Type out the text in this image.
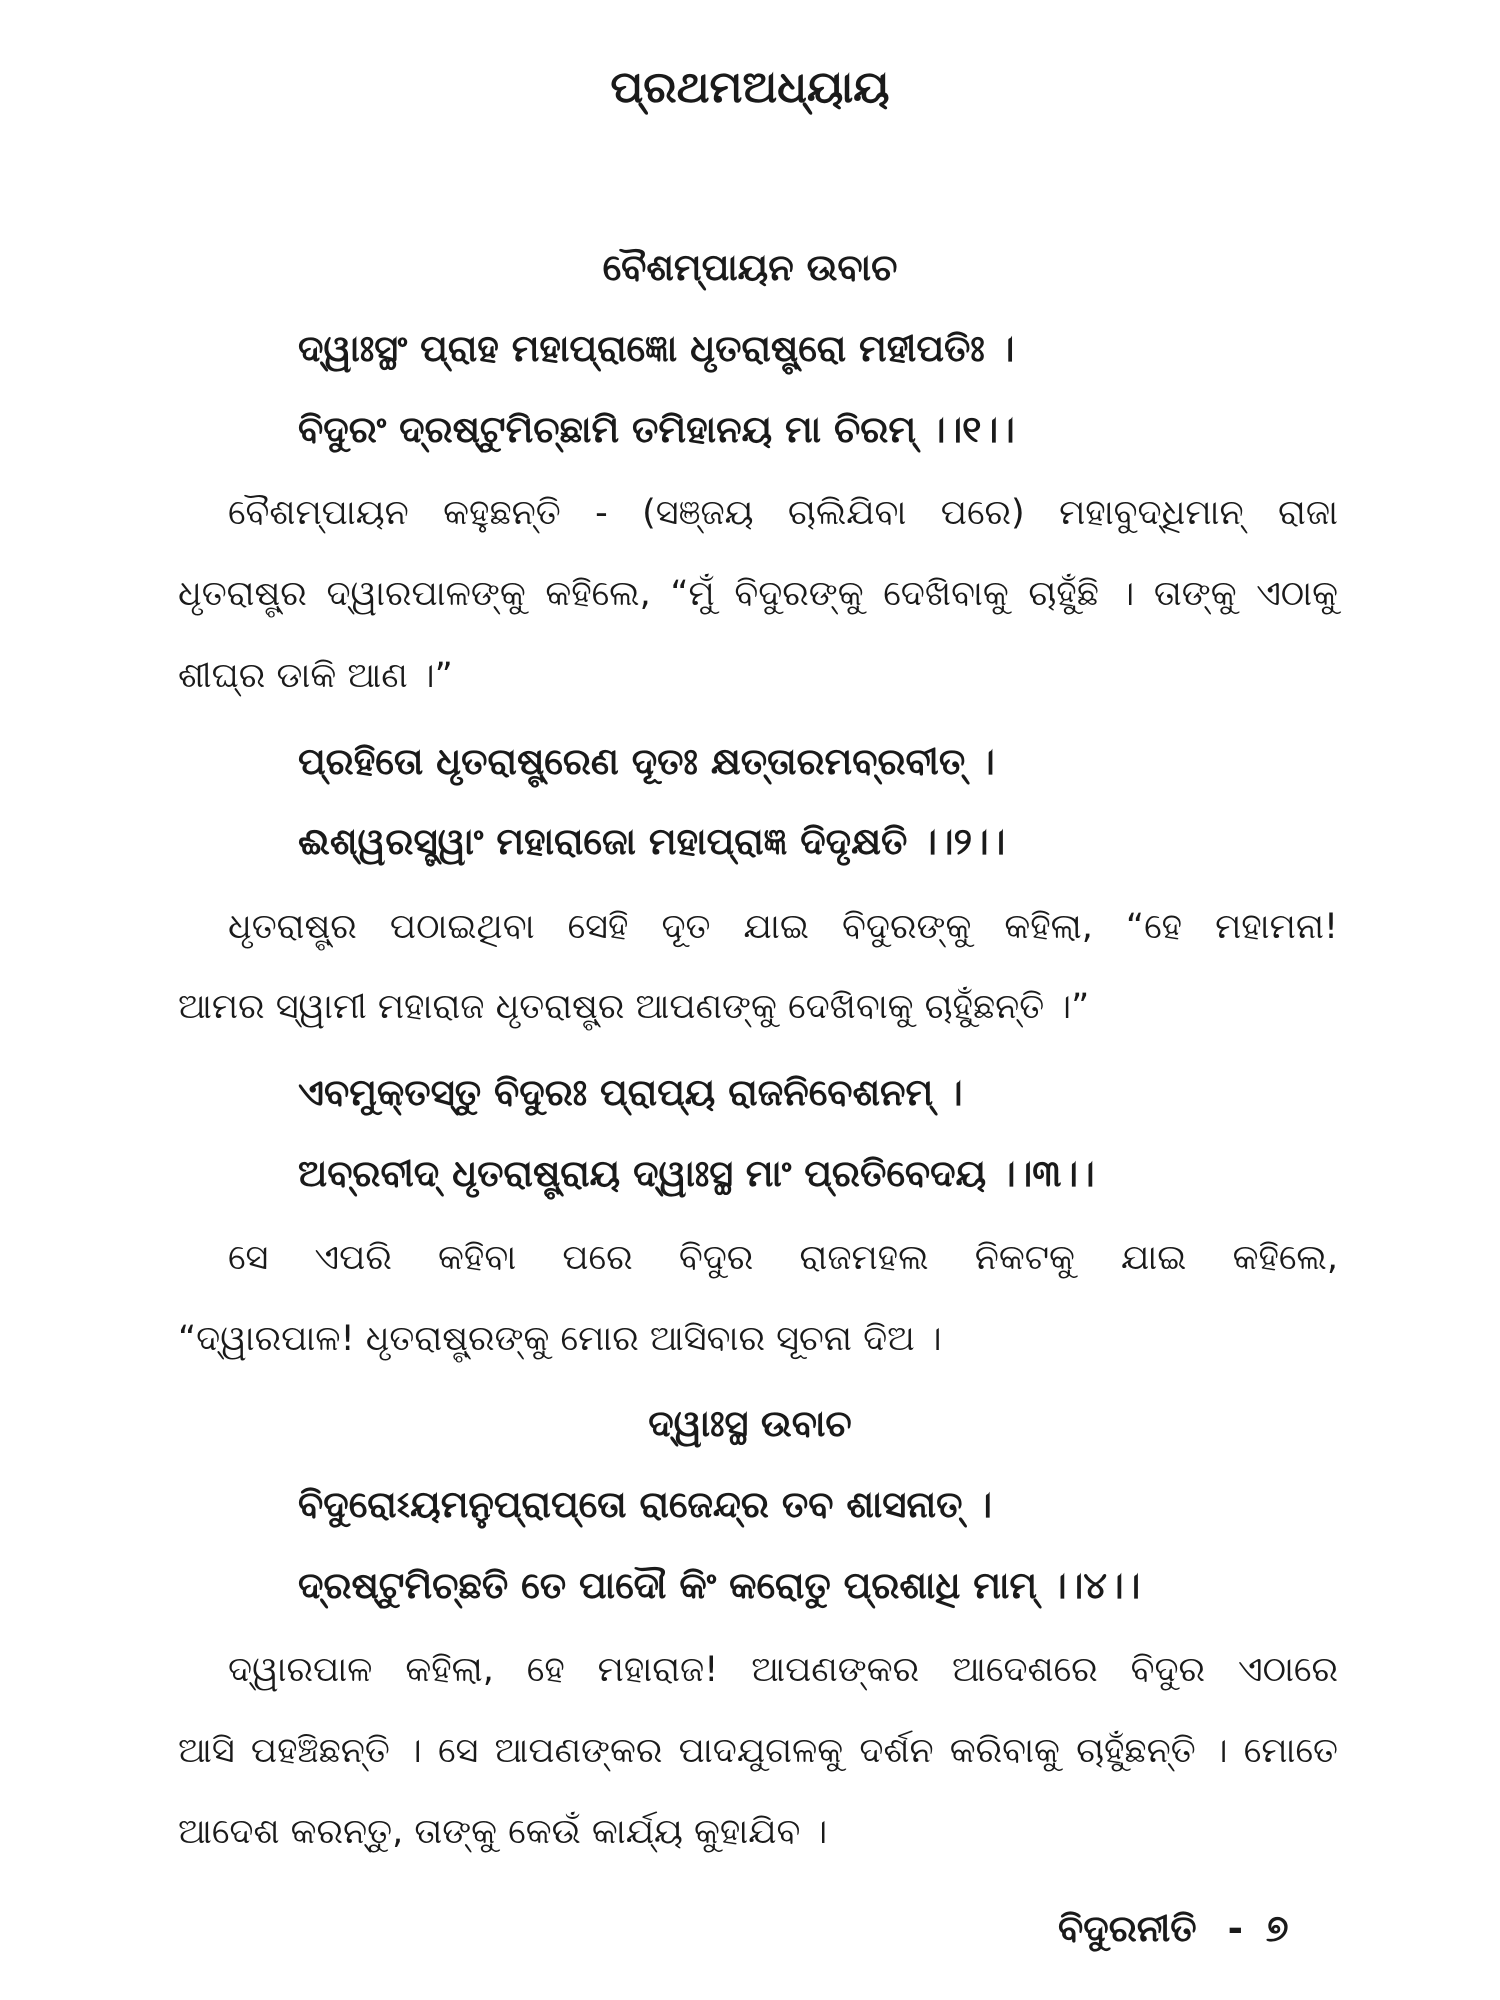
ପ୍ରଥମଅଧ୍ୟାୟ
ବୈଶମ୍ପାୟନ ଉବାଚ
ଦ୍ୱାଃସ୍ଥଂ ପ୍ରାହ ମହାପ୍ରାଜ୍ଞୋ ଧୃତରାଷ୍ଟ୍ରୋ ମହୀପତିଃ ।
ବିଦୁରଂ ଦ୍ରଷ୍ଟୁମିଚ୍ଛାମି ତମିହାନୟ ମା ଚିରମ୍ ।।୧।।
ବୈଶମ୍ପାୟନ କହୁଛନ୍ତି - (ସଞ୍ଜୟ ଚାଲିଯିବା ପରେ) ମହାବୁଦ୍ଧିମାନ୍ ରାଜା
ଧୃତରାଷ୍ଟ୍ର ଦ୍ୱାରପାଳଙ୍କୁ କହିଲେ, “ମୁଁ ବିଦୁରଙ୍କୁ ଦେଖିବାକୁ ଚାହୁଁଛି । ତାଙ୍କୁ ଏଠାକୁ
ଶୀଘ୍ର ଡାକି ଆଣ ।”
ପ୍ରହିତୋ ଧୃତରାଷ୍ଟ୍ରେଣ ଦୂତଃ କ୍ଷତ୍ତାରମବ୍ରବୀତ୍ ।
ଈଶ୍ୱରସ୍ତ୍ୱାଂ ମହାରାଜୋ ମହାପ୍ରାଜ୍ଞ ଦିଦୃକ୍ଷତି ।।୨।।
ଧୃତରାଷ୍ଟ୍ର ପଠାଇଥିବା ସେହି ଦୂତ ଯାଇ ବିଦୁରଙ୍କୁ କହିଲା, “ହେ ମହାମନା!
ଆମର ସ୍ୱାମୀ ମହାରାଜ ଧୃତରାଷ୍ଟ୍ର ଆପଣଙ୍କୁ ଦେଖିବାକୁ ଚାହୁଁଛନ୍ତି ।”
ଏବମୁକ୍ତସ୍ତୁ ବିଦୁରଃ ପ୍ରାପ୍ୟ ରାଜନିବେଶନମ୍ ।
ଅବ୍ରବୀଦ୍ ଧୃତରାଷ୍ଟ୍ରାୟ ଦ୍ୱାଃସ୍ଥ ମାଂ ପ୍ରତିବେଦୟ ।।୩।।
ସେ ଏପରି କହିବା ପରେ ବିଦୁର ରାଜମହଲ ନିକଟକୁ ଯାଇ କହିଲେ,
“ଦ୍ୱାରପାଳ! ଧୃତରାଷ୍ଟ୍ରଙ୍କୁ ମୋର ଆସିବାର ସୂଚନା ଦିଅ ।
ଦ୍ୱାଃସ୍ଥ ଉବାଚ
ବିଦୁରୋଽୟମନୁପ୍ରାପ୍ତୋ ରାଜେନ୍ଦ୍ର ତବ ଶାସନାତ୍ ।
ଦ୍ରଷ୍ଟୁମିଚ୍ଛତି ତେ ପାଦୌ କିଂ କରୋତୁ ପ୍ରଶାଧି ମାମ୍ ।।୪।।
ଦ୍ୱାରପାଳ କହିଲା, ହେ ମହାରାଜ! ଆପଣଙ୍କର ଆଦେଶରେ ବିଦୁର ଏଠାରେ
ଆସି ପହଞ୍ଚିଛନ୍ତି । ସେ ଆପଣଙ୍କର ପାଦଯୁଗଳକୁ ଦର୍ଶନ କରିବାକୁ ଚାହୁଁଛନ୍ତି । ମୋତେ
ଆଦେଶ କରନ୍ତୁ, ତାଙ୍କୁ କେଉଁ କାର୍ଯ୍ୟ କୁହାଯିବ ।
ବିଦୁରନୀତି - ୭
